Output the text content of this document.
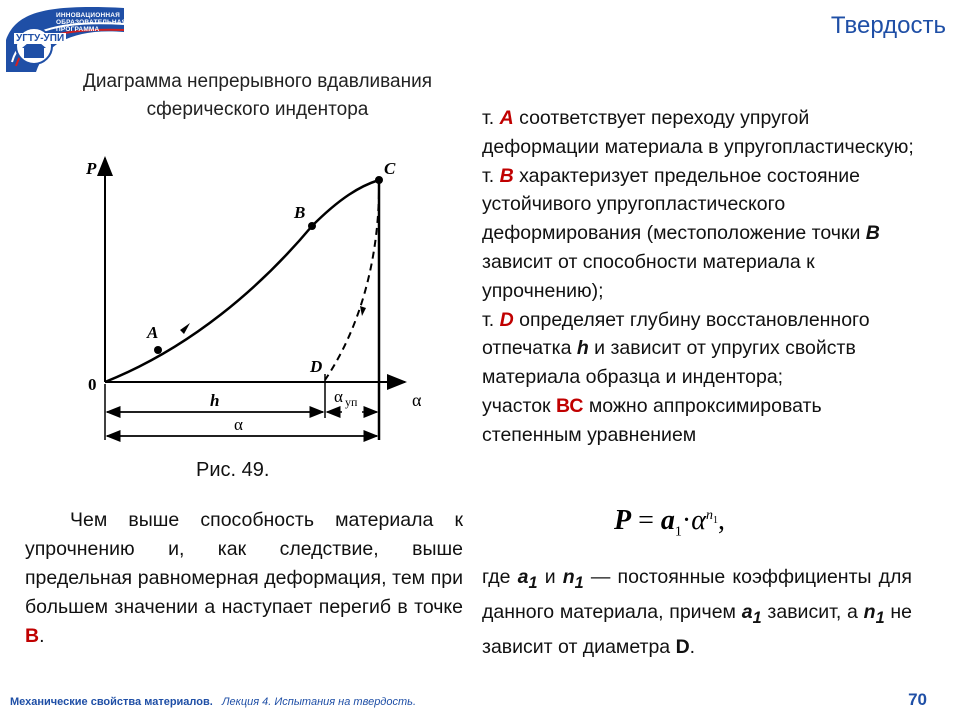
ИННОВАЦИОННАЯ ОБРАЗОВАТЕЛЬНАЯ ПРОГРАММА
УГТУ-УПИ	Твердость
Диаграмма непрерывного вдавливания
сферического индентора
P
α
0
A
B
C
D
h	α уп
α
Рис. 49.
Чем выше способность материала к упрочнению и, как следствие, выше предельная равномерная деформация, тем при большем значении а наступает перегиб в точке В.
т. А соответствует переходу упругой деформации материала в упругопластическую;
т. В характеризует предельное состояние устойчивого упругопластического деформирования (местоположение точки В зависит от способности материала к упрочнению);
т. D определяет глубину восстановленного отпечатка h и зависит от упругих свойств материала образца и индентора;
участок ВС можно аппроксимировать степенным уравнением
$P = a_1\cdot\alpha^{n_1}$,
где $а_1$ и $n_1$ — постоянные коэффициенты для данного материала, причем $а_1$ зависит, а $n_1$ не зависит от диаметра D.
Механические свойства материалов. Лекция 4. Испытания на твердость.	70
